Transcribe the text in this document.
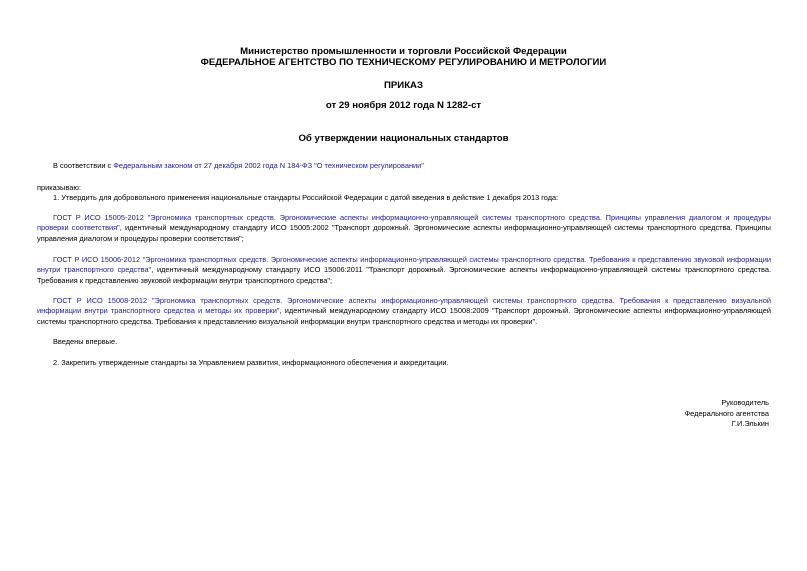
Министерство промышленности и торговли Российской Федерации
ФЕДЕРАЛЬНОЕ АГЕНТСТВО ПО ТЕХНИЧЕСКОМУ РЕГУЛИРОВАНИЮ И МЕТРОЛОГИИ
ПРИКАЗ
от 29 ноября 2012 года N 1282-ст
Об утверждении национальных стандартов
В соответствии с Федеральным законом от 27 декабря 2002 года N 184-ФЗ "О техническом регулировании"
приказываю:
1. Утвердить для добровольного применения национальные стандарты Российской Федерации с датой введения в действие 1 декабря 2013 года:
ГОСТ Р ИСО 15005-2012 "Эргономика транспортных средств. Эргономические аспекты информационно-управляющей системы транспортного средства. Принципы управления диалогом и процедуры проверки соответствия", идентичный международному стандарту ИСО 15005:2002 "Транспорт дорожный. Эргономические аспекты информационно-управляющей системы транспортного средства. Принципы управления диалогом и процедуры проверки соответствия";
ГОСТ Р ИСО 15006-2012 "Эргономика транспортных средств. Эргономические аспекты информационно-управляющей системы транспортного средства. Требования к представлению звуковой информации внутри транспортного средства", идентичный международному стандарту ИСО 15006:2011 "Транспорт дорожный. Эргономические аспекты информационно-управляющей системы транспортного средства. Требования к представлению звуковой информации внутри транспортного средства";
ГОСТ Р ИСО 15008-2012 "Эргономика транспортных средств. Эргономические аспекты информационно-управляющей системы транспортного средства. Требования к представлению визуальной информации внутри транспортного средства и методы их проверки", идентичный международному стандарту ИСО 15008:2009 "Транспорт дорожный. Эргономические аспекты информационно-управляющей системы транспортного средства. Требования к представлению визуальной информации внутри транспортного средства и методы их проверки".
Введены впервые.
2. Закрепить утвержденные стандарты за Управлением развития, информационного обеспечения и аккредитации.
Руководитель
Федерального агентства
Г.И.Элькин
